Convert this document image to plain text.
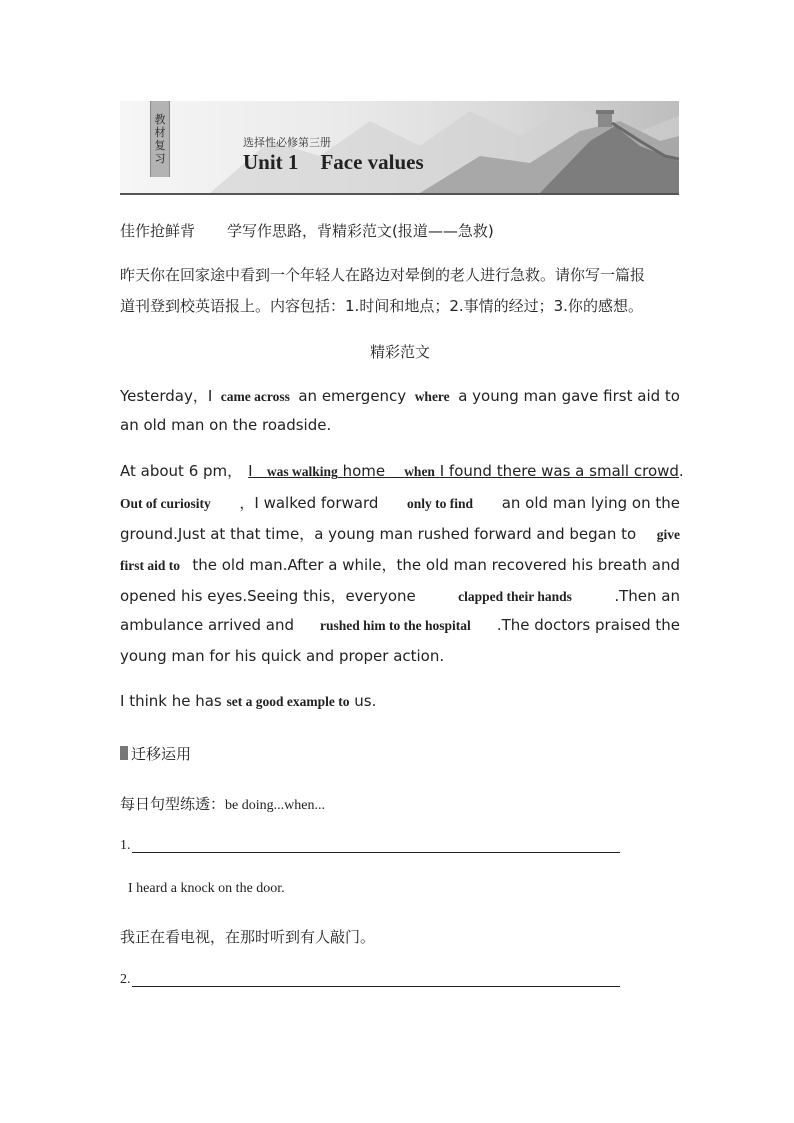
教
材
复
习
选择性必修第三册
Unit 1 Face values
佳作抢鲜背 学写作思路，背精彩范文(报道——急救)
昨天你在回家途中看到一个年轻人在路边对晕倒的老人进行急救。请你写一篇报
道刊登到校英语报上。内容包括：1.时间和地点；2.事情的经过；3.你的感想。
精彩范文
Yesterday，I came across an emergency where a young man gave first aid to
an old man on the roadside.
At about 6 pm， I was walking home when I found there was a small crowd .
Out of curiosity ，I walked forward only to find an old man lying on the
ground.Just at that time，a young man rushed forward and began to give
first aid to the old man.After a while，the old man recovered his breath and
opened his eyes.Seeing this，everyone	clapped their hands	.Then an
ambulance arrived and rushed him to the hospital .The doctors praised the
young man for his quick and proper action.
I think he has set a good example to us.
迁移运用
每日句型练透：be doing...when...
1.
I heard a knock on the door.
我正在看电视，在那时听到有人敲门。
2.
